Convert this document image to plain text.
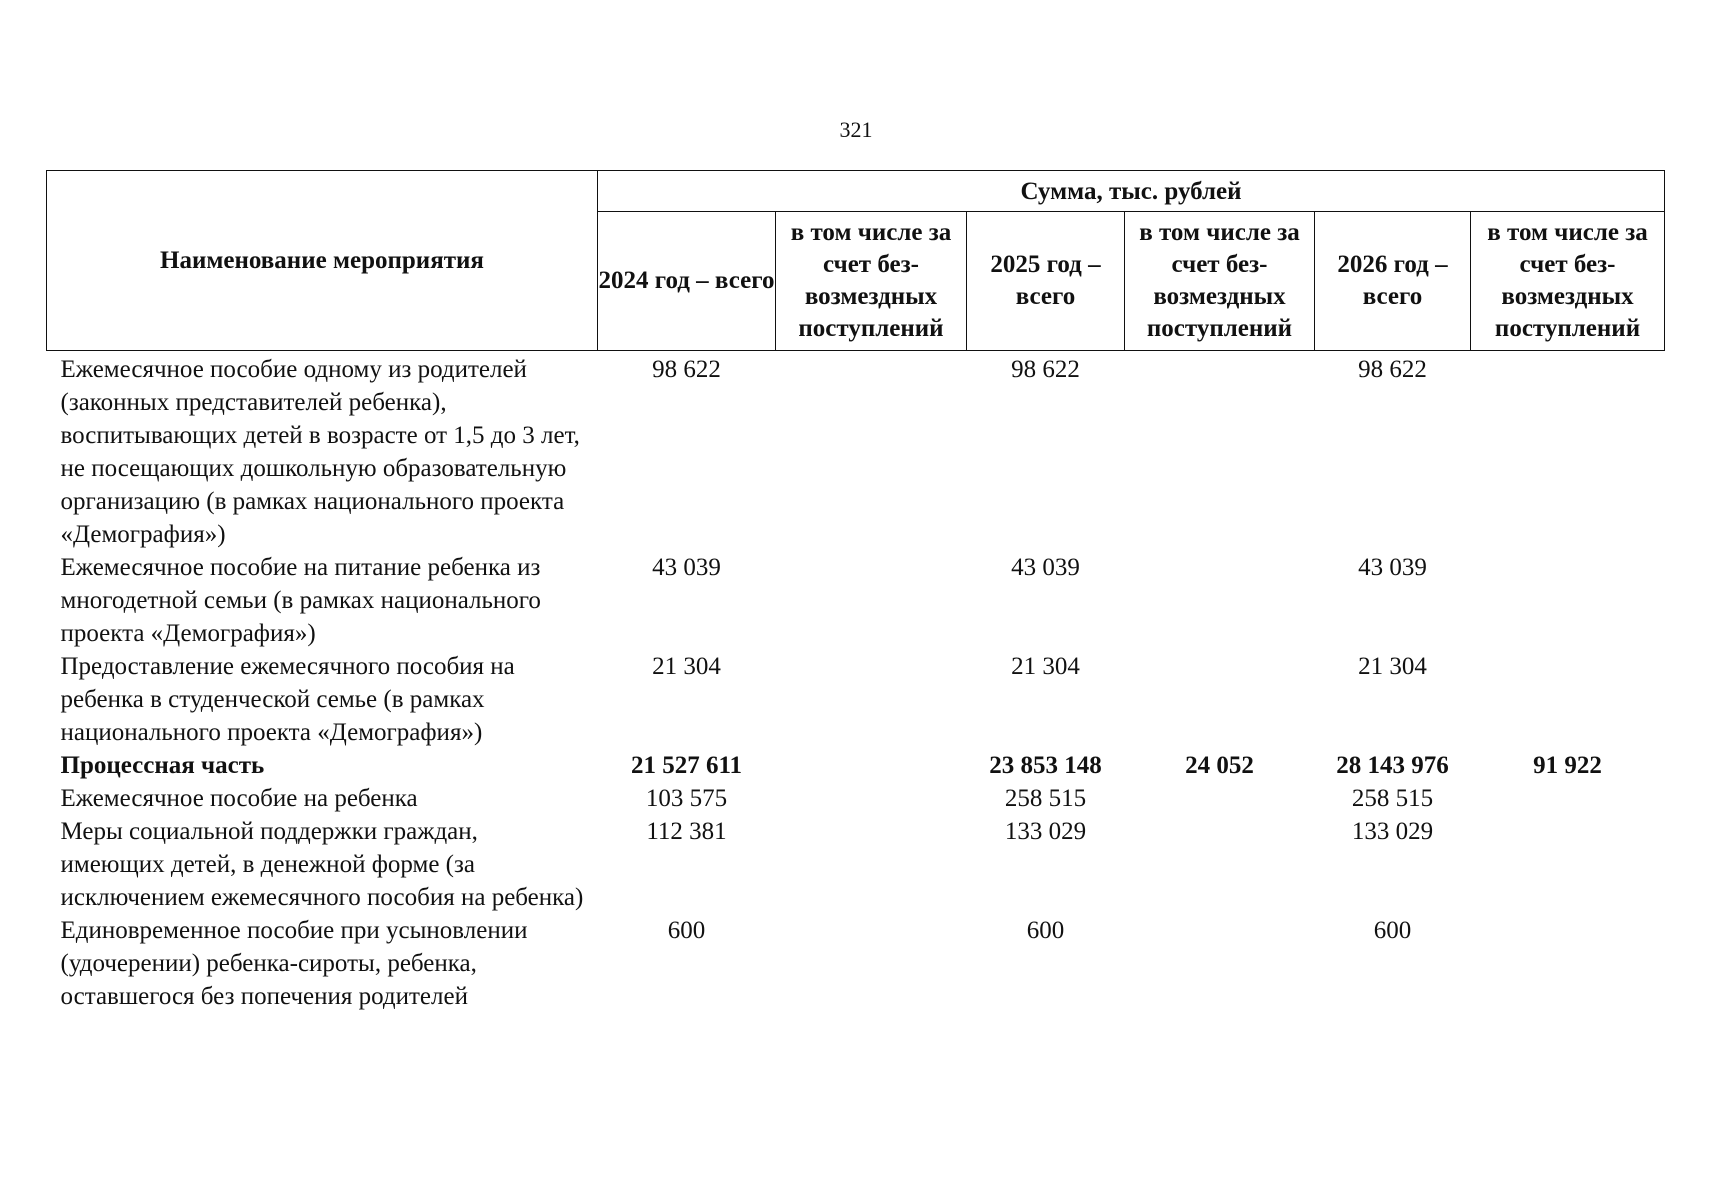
321
Наименование мероприятия	Сумма, тыс. рублей					
	2024 год – всего	в том числе за счет без-возмездных поступлений	2025 год – всего	в том числе за счет без-возмездных поступлений	2026 год – всего	в том числе за счет без-возмездных поступлений
Ежемесячное пособие одному из родителей (законных представителей ребенка), воспитывающих детей в возрасте от 1,5 до 3 лет, не посещающих дошкольную образовательную организацию (в рамках национального проекта «Демография»)	98 622		98 622		98 622	
Ежемесячное пособие на питание ребенка из многодетной семьи (в рамках национального проекта «Демография»)	43 039		43 039		43 039	
Предоставление ежемесячного пособия на ребенка в студенческой семье (в рамках национального проекта «Демография»)	21 304		21 304		21 304	
Процессная часть	21 527 611		23 853 148	24 052	28 143 976	91 922
Ежемесячное пособие на ребенка	103 575		258 515		258 515	
Меры социальной поддержки граждан, имеющих детей, в денежной форме (за исключением ежемесячного пособия на ребенка)	112 381		133 029		133 029	
Единовременное пособие при усыновлении (удочерении) ребенка-сироты, ребенка, оставшегося без попечения родителей	600		600		600	
